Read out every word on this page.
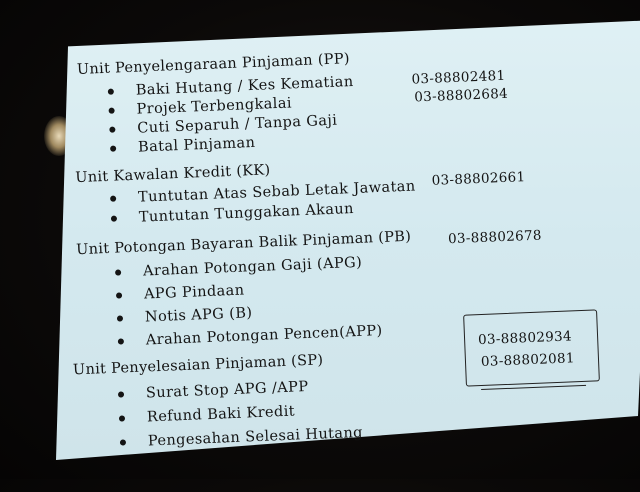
Unit Penyelengaraan Pinjaman (PP)
Baki Hutang / Kes Kematian
Projek Terbengkalai
Cuti Separuh / Tanpa Gaji
Batal Pinjaman
03-88802481
03-88802684
Unit Kawalan Kredit (KK)
Tuntutan Atas Sebab Letak Jawatan
Tuntutan Tunggakan Akaun
03-88802661
Unit Potongan Bayaran Balik Pinjaman (PB)
Arahan Potongan Gaji (APG)
APG Pindaan
Notis APG (B)
Arahan Potongan Pencen(APP)
03-88802678
Unit Penyelesaian Pinjaman (SP)
Surat Stop APG /APP
Refund Baki Kredit
Pengesahan Selesai Hutang
03-88802934
03-88802081
